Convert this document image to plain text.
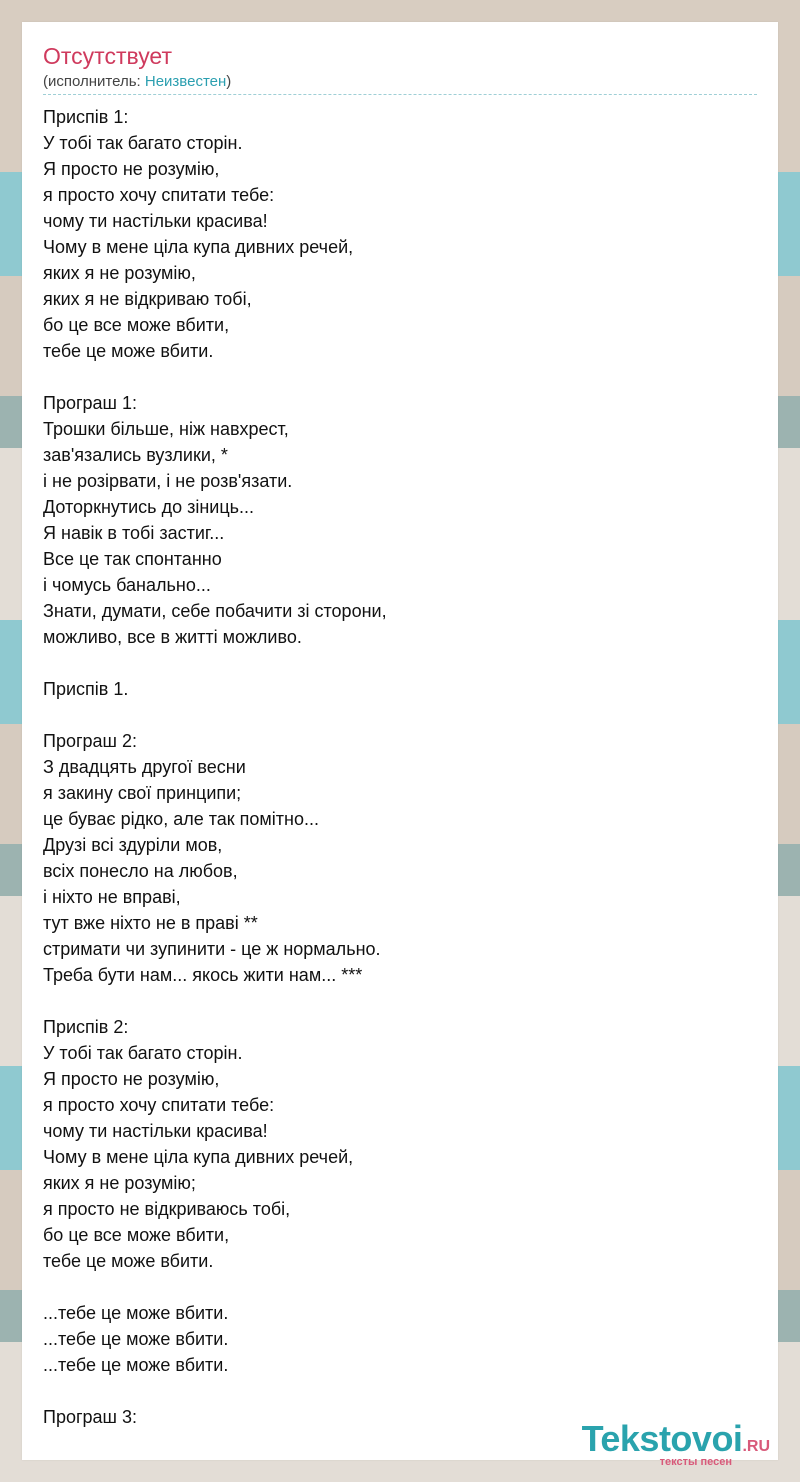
Отсутствует
(исполнитель: Неизвестен)
Приспів 1:
У тобі так багато сторін.
Я просто не розумію,
я просто хочу спитати тебе:
чому ти настільки красива!
Чому в мене ціла купа дивних речей,
яких я не розумію,
яких я не відкриваю тобі,
бо це все може вбити,
тебе це може вбити.
Програш 1:
Трошки більше, ніж навхрест,
зав'язались вузлики, *
і не розірвати, і не розв'язати.
Доторкнутись до зіниць...
Я навік в тобі застиг...
Все це так спонтанно
і чомусь банально...
Знати, думати, себе побачити зі сторони,
можливо, все в житті можливо.
Приспів 1.
Програш 2:
З двадцять другої весни
я закину свої принципи;
це буває рідко, але так помітно...
Друзі всі здуріли мов,
всіх понесло на любов,
і ніхто не вправі,
тут вже ніхто не в праві **
стримати чи зупинити - це ж нормально.
Треба бути нам... якось жити нам... ***
Приспів 2:
У тобі так багато сторін.
Я просто не розумію,
я просто хочу спитати тебе:
чому ти настільки красива!
Чому в мене ціла купа дивних речей,
яких я не розумію;
я просто не відкриваюсь тобі,
бо це все може вбити,
тебе це може вбити.
...тебе це може вбити.
...тебе це може вбити.
...тебе це може вбити.
Програш 3:
Tekstovoi.RU
тексты песен
